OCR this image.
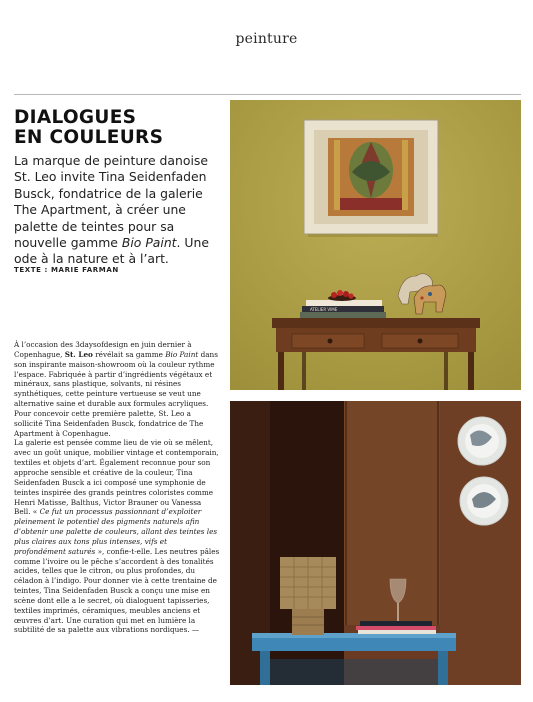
peinture
DIALOGUES
EN COULEURS

La marque de peinture danoise St. Leo invite Tina Seidenfaden Busck, fondatrice de la galerie The Apartment, à créer une palette de teintes pour sa nouvelle gamme Bio Paint. Une ode à la nature et à l’art.

TEXTE : MARIE FARMAN

À l’occasion des 3daysofdesign en juin dernier à Copenhague, St. Leo révélait sa gamme Bio Paint dans son inspirante maison-showroom où la couleur rythme l’espace. Fabriquée à partir d’ingrédients végétaux et minéraux, sans plastique, solvants, ni résines synthétiques, cette peinture vertueuse se veut une alternative saine et durable aux formules acryliques. Pour concevoir cette première palette, St. Leo a sollicité Tina Seidenfaden Busck, fondatrice de The Apartment à Copenhague.
La galerie est pensée comme lieu de vie où se mêlent, avec un goût unique, mobilier vintage et contemporain, textiles et objets d’art. Également reconnue pour son approche sensible et créative de la couleur, Tina Seidenfaden Busck a ici composé une symphonie de teintes inspirée des grands peintres coloristes comme Henri Matisse, Balthus, Victor Brauner ou Vanessa Bell. « Ce fut un processus passionnant d’exploiter pleinement le potentiel des pigments naturels afin d’obtenir une palette de couleurs, allant des teintes les plus claires aux tons plus intenses, vifs et profondément saturés », confie-t-elle. Les neutres pâles comme l’ivoire ou le pêche s’accordent à des tonalités acides, telles que le citron, ou plus profondes, du céladon à l’indigo. Pour donner vie à cette trentaine de teintes, Tina Seidenfaden Busck a conçu une mise en scène dont elle a le secret, où dialoguent tapisseries, textiles imprimés, céramiques, meubles anciens et œuvres d’art. Une curation qui met en lumière la subtilité de sa palette aux vibrations nordiques. —

ATELIER VIME
